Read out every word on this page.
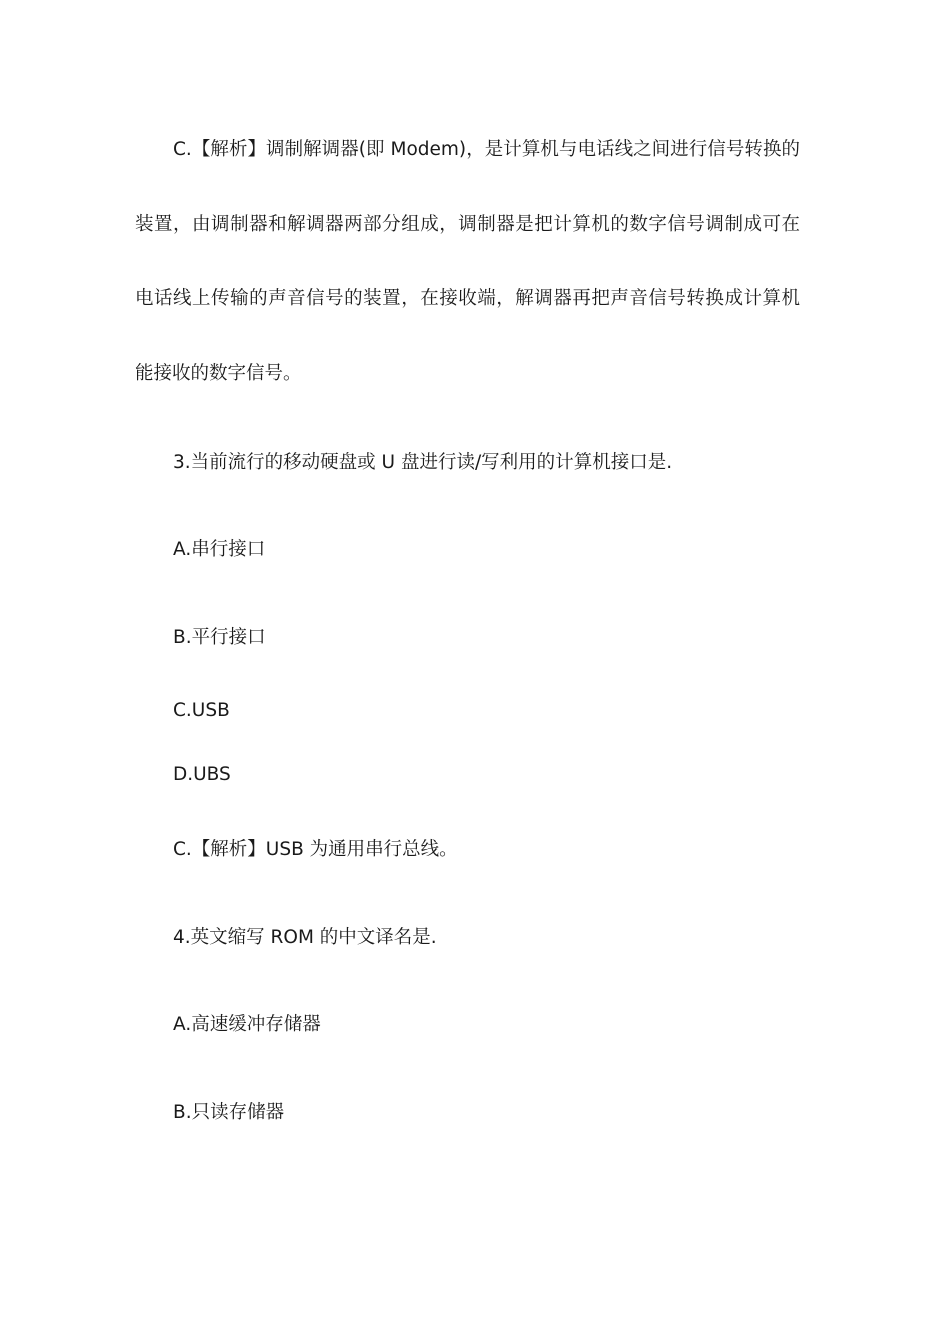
C.【解析】调制解调器(即 Modem)，是计算机与电话线之间进行信号转换的装置，由调制器和解调器两部分组成，调制器是把计算机的数字信号调制成可在电话线上传输的声音信号的装置，在接收端，解调器再把声音信号转换成计算机能接收的数字信号。

3.当前流行的移动硬盘或 U 盘进行读/写利用的计算机接口是.

A.串行接口

B.平行接口

C.USB

D.UBS

C.【解析】USB 为通用串行总线。

4.英文缩写 ROM 的中文译名是.

A.高速缓冲存储器

B.只读存储器
